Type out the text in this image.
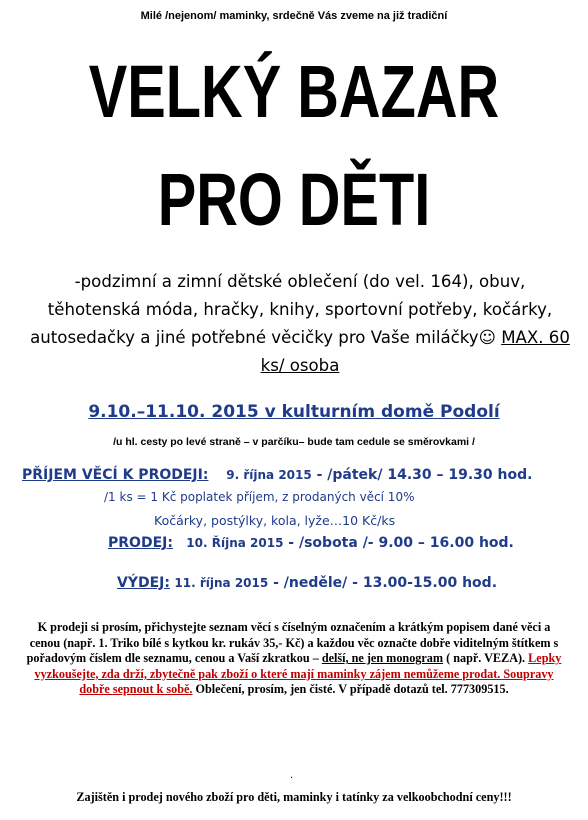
Milé /nejenom/ maminky, srdečně Vás zveme na již tradiční
VELKÝ BAZAR
PRO DĚTI
-podzimní a zimní dětské oblečení (do vel. 164), obuv, těhotenská móda, hračky, knihy, sportovní potřeby, kočárky, autosedačky a jiné potřebné věcičky pro Vaše miláčky☺ MAX. 60 ks/ osoba
9.10.–11.10. 2015 v kulturním domě Podolí
/u hl. cesty po levé straně – v parčíku– bude tam cedule se směrovkami /
PŘÍJEM VĚCÍ K PRODEJI: 9. října 2015 - /pátek/ 14.30 – 19.30 hod.
/1 ks = 1 Kč poplatek příjem, z prodaných věcí 10%
Kočárky, postýlky, kola, lyže…10 Kč/ks
PRODEJ: 10. Října 2015 - /sobota /- 9.00 – 16.00 hod.
VÝDEJ: 11. října 2015 - /neděle/ - 13.00-15.00 hod.
K prodeji si prosím, přichystejte seznam věcí s číselným označením a krátkým popisem dané věci a cenou (např. 1. Triko bílé s kytkou kr. rukáv 35,- Kč) a každou věc označte dobře viditelným štítkem s pořadovým číslem dle seznamu, cenou a Vaší zkratkou – delší, ne jen monogram ( např. VEZA). Lepky vyzkoušejte, zda drží, zbytečně pak zboží o které mají maminky zájem nemůžeme prodat. Soupravy dobře sepnout k sobě. Oblečení, prosím, jen čisté. V případě dotazů tel. 777309515.
.
Zajištěn i prodej nového zboží pro děti, maminky i tatínky za velkoobchodní ceny!!!
